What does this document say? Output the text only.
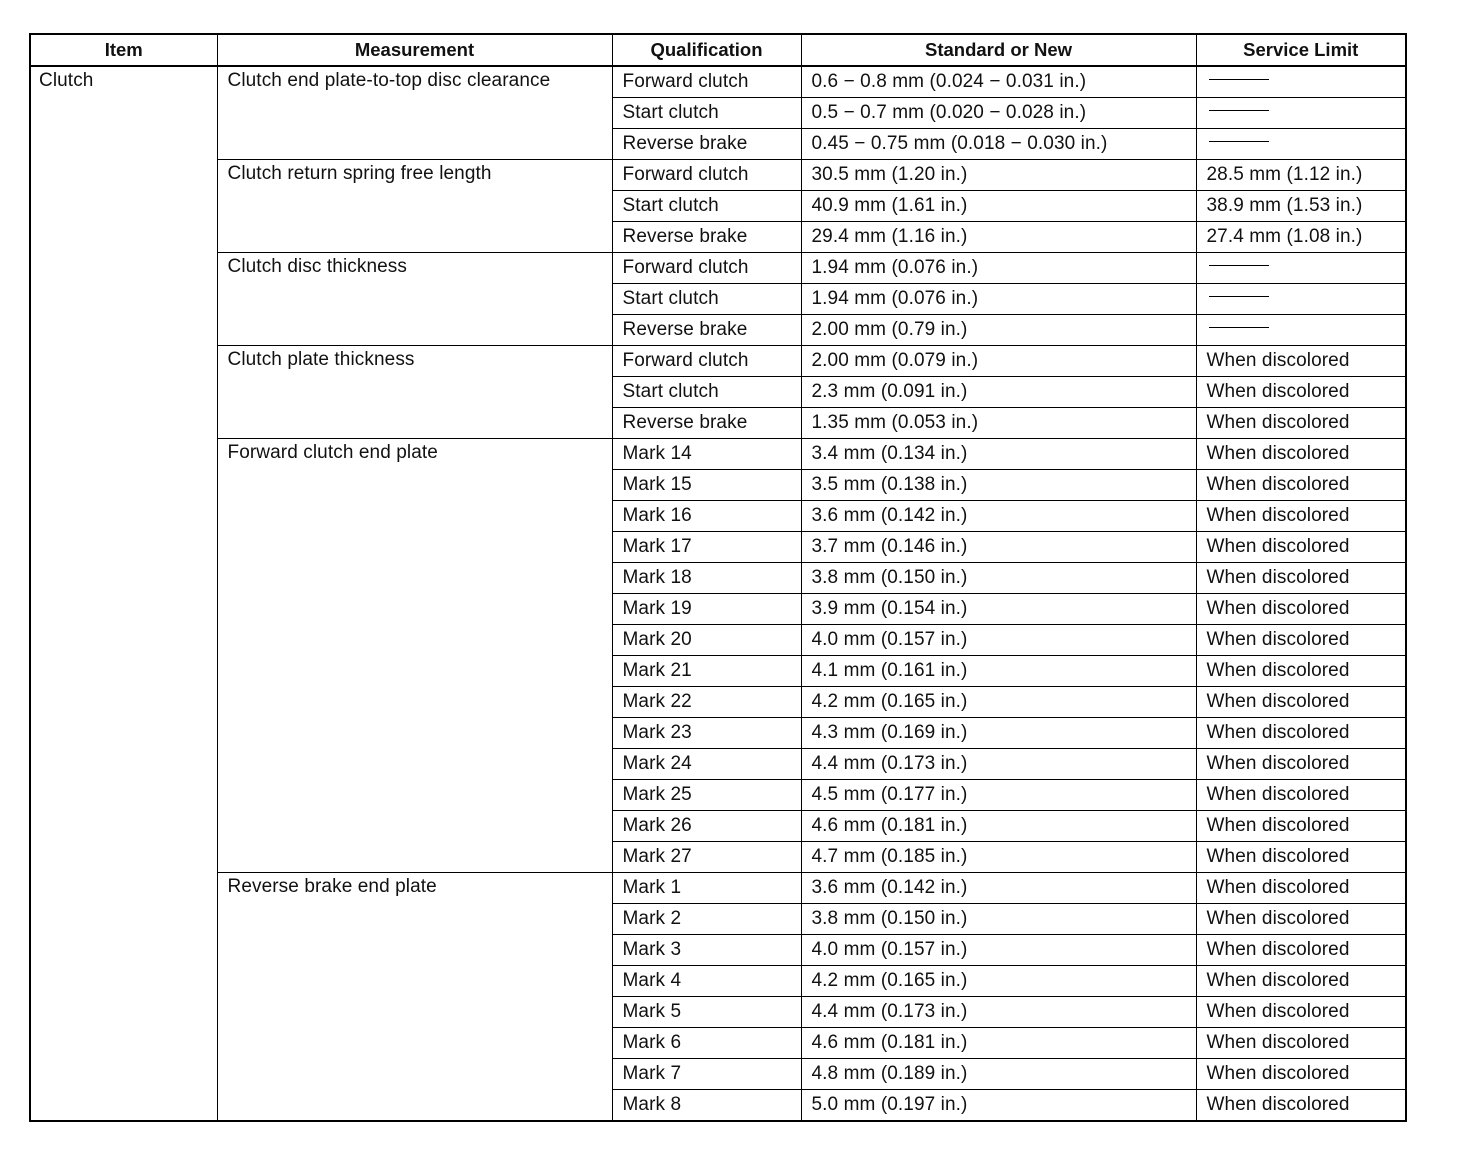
Item	Measurement	Qualification	Standard or New	Service Limit
Clutch	Clutch end plate-to-top disc clearance	Forward clutch	0.6 − 0.8 mm (0.024 − 0.031 in.)	
		Start clutch	0.5 − 0.7 mm (0.020 − 0.028 in.)	
		Reverse brake	0.45 − 0.75 mm (0.018 − 0.030 in.)	
	Clutch return spring free length	Forward clutch	30.5 mm (1.20 in.)	28.5 mm (1.12 in.)
		Start clutch	40.9 mm (1.61 in.)	38.9 mm (1.53 in.)
		Reverse brake	29.4 mm (1.16 in.)	27.4 mm (1.08 in.)
	Clutch disc thickness	Forward clutch	1.94 mm (0.076 in.)	
		Start clutch	1.94 mm (0.076 in.)	
		Reverse brake	2.00 mm (0.79 in.)	
	Clutch plate thickness	Forward clutch	2.00 mm (0.079 in.)	When discolored
		Start clutch	2.3 mm (0.091 in.)	When discolored
		Reverse brake	1.35 mm (0.053 in.)	When discolored
	Forward clutch end plate	Mark 14	3.4 mm (0.134 in.)	When discolored
		Mark 15	3.5 mm (0.138 in.)	When discolored
		Mark 16	3.6 mm (0.142 in.)	When discolored
		Mark 17	3.7 mm (0.146 in.)	When discolored
		Mark 18	3.8 mm (0.150 in.)	When discolored
		Mark 19	3.9 mm (0.154 in.)	When discolored
		Mark 20	4.0 mm (0.157 in.)	When discolored
		Mark 21	4.1 mm (0.161 in.)	When discolored
		Mark 22	4.2 mm (0.165 in.)	When discolored
		Mark 23	4.3 mm (0.169 in.)	When discolored
		Mark 24	4.4 mm (0.173 in.)	When discolored
		Mark 25	4.5 mm (0.177 in.)	When discolored
		Mark 26	4.6 mm (0.181 in.)	When discolored
		Mark 27	4.7 mm (0.185 in.)	When discolored
	Reverse brake end plate	Mark 1	3.6 mm (0.142 in.)	When discolored
		Mark 2	3.8 mm (0.150 in.)	When discolored
		Mark 3	4.0 mm (0.157 in.)	When discolored
		Mark 4	4.2 mm (0.165 in.)	When discolored
		Mark 5	4.4 mm (0.173 in.)	When discolored
		Mark 6	4.6 mm (0.181 in.)	When discolored
		Mark 7	4.8 mm (0.189 in.)	When discolored
		Mark 8	5.0 mm (0.197 in.)	When discolored
